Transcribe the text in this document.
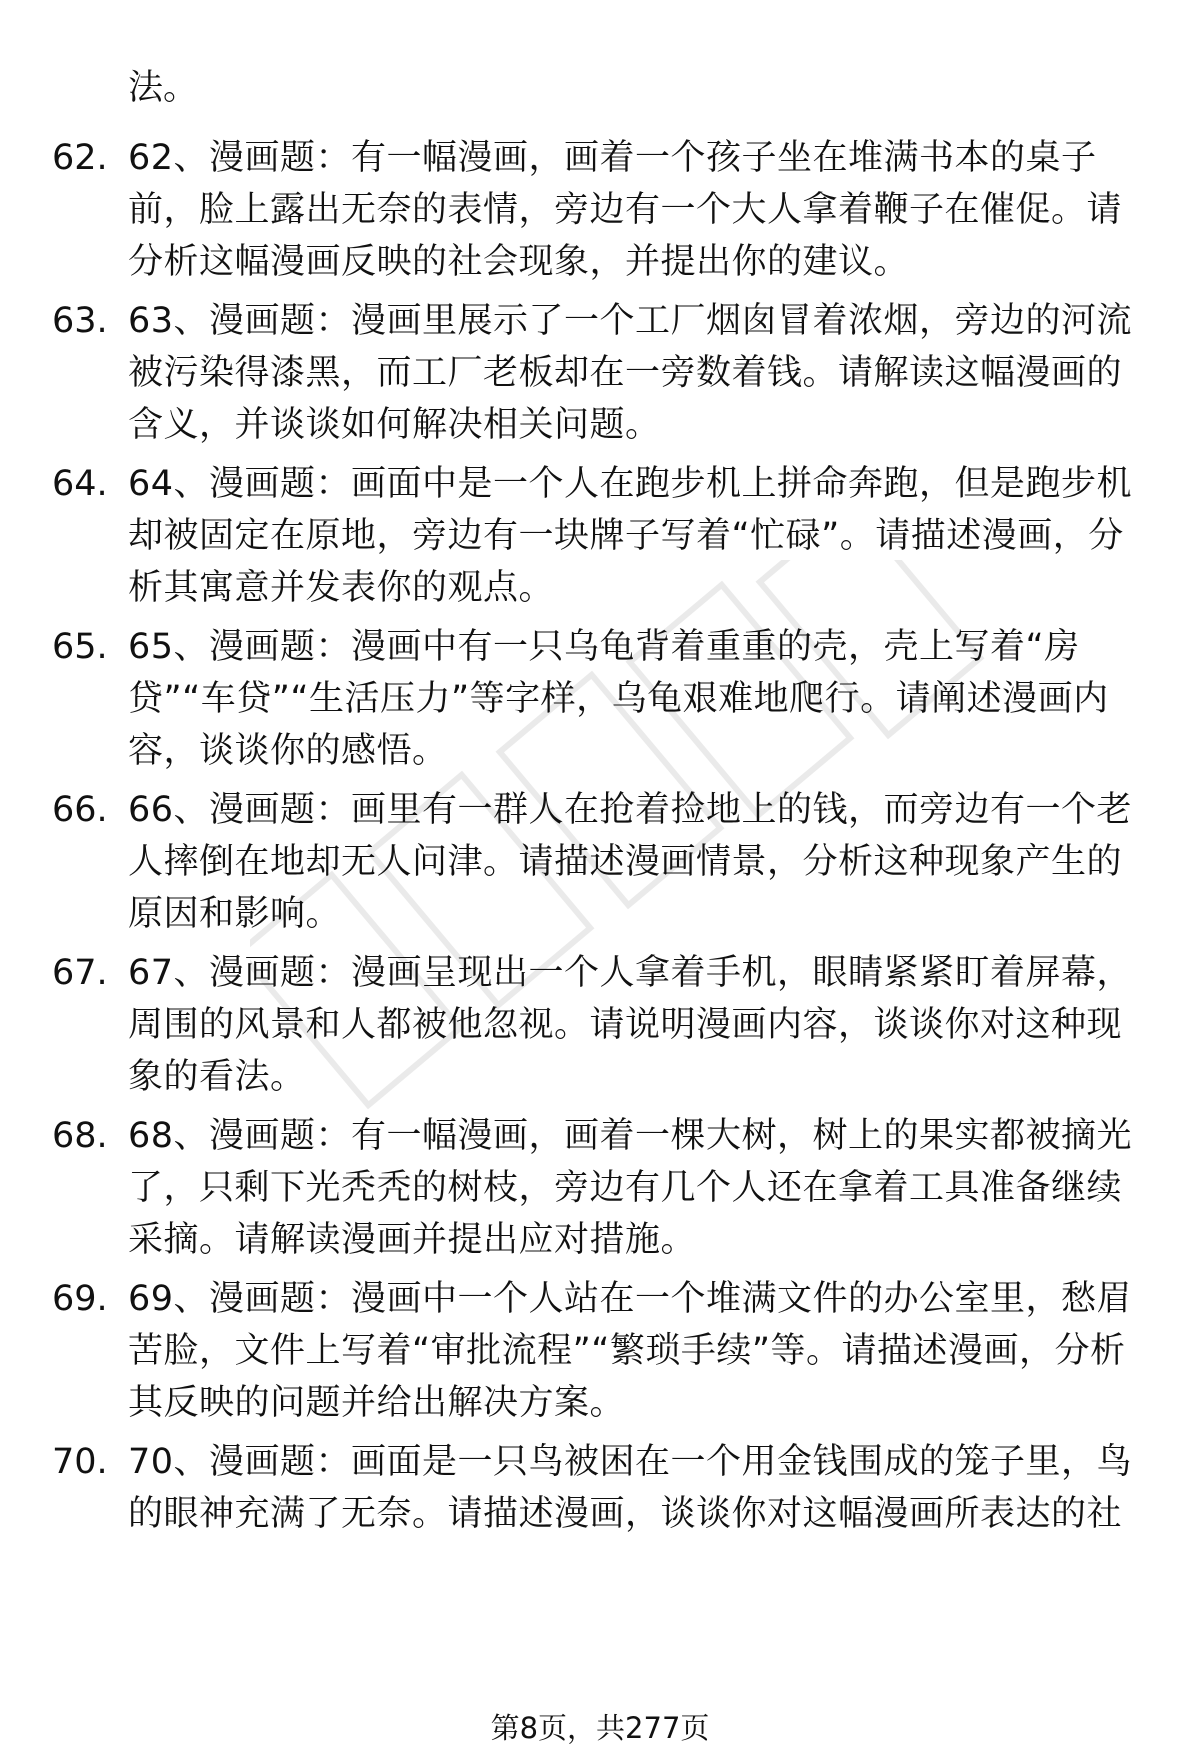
法。

62. 62、漫画题：有一幅漫画，画着一个孩子坐在堆满书本的桌子前，脸上露出无奈的表情，旁边有一个大人拿着鞭子在催促。请分析这幅漫画反映的社会现象，并提出你的建议。

63. 63、漫画题：漫画里展示了一个工厂烟囱冒着浓烟，旁边的河流被污染得漆黑，而工厂老板却在一旁数着钱。请解读这幅漫画的含义，并谈谈如何解决相关问题。

64. 64、漫画题：画面中是一个人在跑步机上拼命奔跑，但是跑步机却被固定在原地，旁边有一块牌子写着“忙碌”。请描述漫画，分析其寓意并发表你的观点。

65. 65、漫画题：漫画中有一只乌龟背着重重的壳，壳上写着“房贷”“车贷”“生活压力”等字样，乌龟艰难地爬行。请阐述漫画内容，谈谈你的感悟。

66. 66、漫画题：画里有一群人在抢着捡地上的钱，而旁边有一个老人摔倒在地却无人问津。请描述漫画情景，分析这种现象产生的原因和影响。

67. 67、漫画题：漫画呈现出一个人拿着手机，眼睛紧紧盯着屏幕，周围的风景和人都被他忽视。请说明漫画内容，谈谈你对这种现象的看法。

68. 68、漫画题：有一幅漫画，画着一棵大树，树上的果实都被摘光了，只剩下光秃秃的树枝，旁边有几个人还在拿着工具准备继续采摘。请解读漫画并提出应对措施。

69. 69、漫画题：漫画中一个人站在一个堆满文件的办公室里，愁眉苦脸，文件上写着“审批流程”“繁琐手续”等。请描述漫画，分析其反映的问题并给出解决方案。

70. 70、漫画题：画面是一只鸟被困在一个用金钱围成的笼子里，鸟的眼神充满了无奈。请描述漫画，谈谈你对这幅漫画所表达的社

第8页，共277页
